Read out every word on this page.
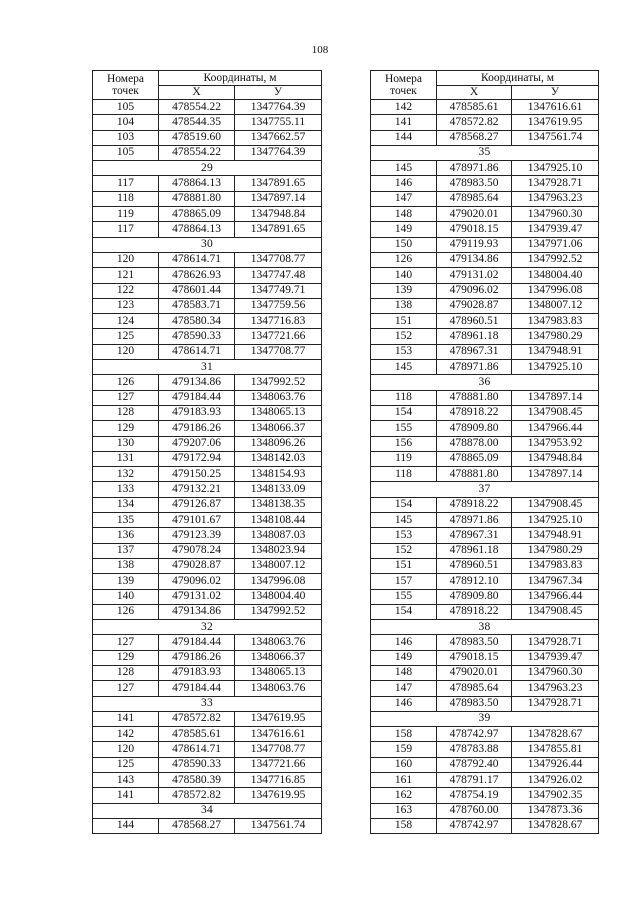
108
Номера
точек	Координаты, м	
	X	У
105	478554.22	1347764.39
104	478544.35	1347755.11
103	478519.60	1347662.57
105	478554.22	1347764.39
29		
117	478864.13	1347891.65
118	478881.80	1347897.14
119	478865.09	1347948.84
117	478864.13	1347891.65
30		
120	478614.71	1347708.77
121	478626.93	1347747.48
122	478601.44	1347749.71
123	478583.71	1347759.56
124	478580.34	1347716.83
125	478590.33	1347721.66
120	478614.71	1347708.77
31		
126	479134.86	1347992.52
127	479184.44	1348063.76
128	479183.93	1348065.13
129	479186.26	1348066.37
130	479207.06	1348096.26
131	479172.94	1348142.03
132	479150.25	1348154.93
133	479132.21	1348133.09
134	479126.87	1348138.35
135	479101.67	1348108.44
136	479123.39	1348087.03
137	479078.24	1348023.94
138	479028.87	1348007.12
139	479096.02	1347996.08
140	479131.02	1348004.40
126	479134.86	1347992.52
32		
127	479184.44	1348063.76
129	479186.26	1348066.37
128	479183.93	1348065.13
127	479184.44	1348063.76
33		
141	478572.82	1347619.95
142	478585.61	1347616.61
120	478614.71	1347708.77
125	478590.33	1347721.66
143	478580.39	1347716.85
141	478572.82	1347619.95
34		
144	478568.27	1347561.74
Номера
точек	Координаты, м	
	X	У
142	478585.61	1347616.61
141	478572.82	1347619.95
144	478568.27	1347561.74
35		
145	478971.86	1347925.10
146	478983.50	1347928.71
147	478985.64	1347963.23
148	479020.01	1347960.30
149	479018.15	1347939.47
150	479119.93	1347971.06
126	479134.86	1347992.52
140	479131.02	1348004.40
139	479096.02	1347996.08
138	479028.87	1348007.12
151	478960.51	1347983.83
152	478961.18	1347980.29
153	478967.31	1347948.91
145	478971.86	1347925.10
36		
118	478881.80	1347897.14
154	478918.22	1347908.45
155	478909.80	1347966.44
156	478878.00	1347953.92
119	478865.09	1347948.84
118	478881.80	1347897.14
37		
154	478918.22	1347908.45
145	478971.86	1347925.10
153	478967.31	1347948.91
152	478961.18	1347980.29
151	478960.51	1347983.83
157	478912.10	1347967.34
155	478909.80	1347966.44
154	478918.22	1347908.45
38		
146	478983.50	1347928.71
149	479018.15	1347939.47
148	479020.01	1347960.30
147	478985.64	1347963.23
146	478983.50	1347928.71
39		
158	478742.97	1347828.67
159	478783.88	1347855.81
160	478792.40	1347926.44
161	478791.17	1347926.02
162	478754.19	1347902.35
163	478760.00	1347873.36
158	478742.97	1347828.67
